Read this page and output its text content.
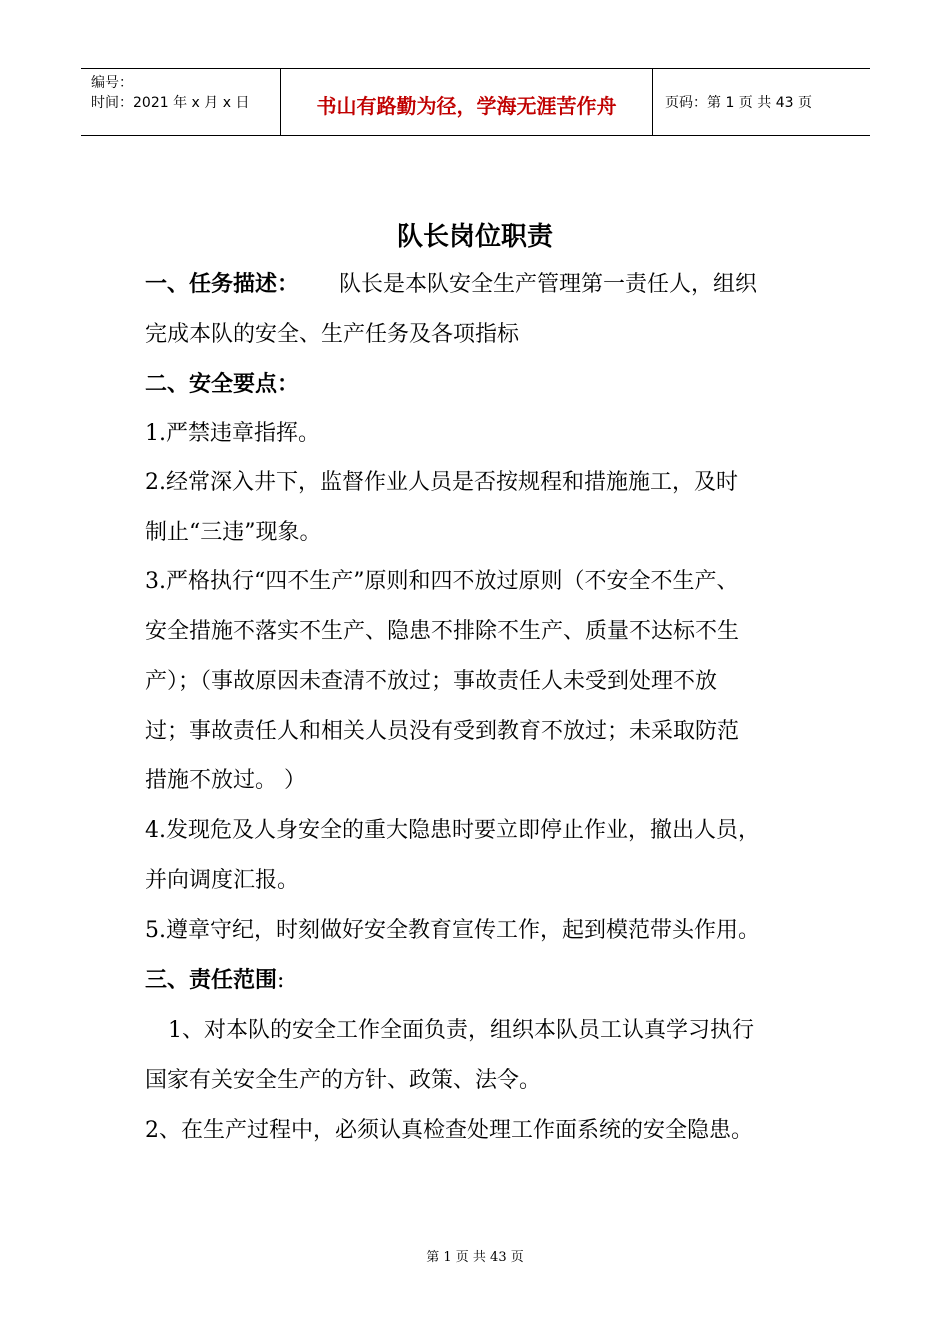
编号：
时间：2021 年 x 月 x 日	书山有路勤为径，学海无涯苦作舟	页码：第 1 页 共 43 页
队长岗位职责
一、任务描述： 队长是本队安全生产管理第一责任人，组织
完成本队的安全、生产任务及各项指标
二、安全要点：
1.严禁违章指挥。
2.经常深入井下，监督作业人员是否按规程和措施施工，及时
制止“三违”现象。
3.严格执行“四不生产”原则和四不放过原则（不安全不生产、
安全措施不落实不生产、隐患不排除不生产、质量不达标不生
产）；（事故原因未查清不放过；事故责任人未受到处理不放
过；事故责任人和相关人员没有受到教育不放过；未采取防范
措施不放过。 ）
4.发现危及人身安全的重大隐患时要立即停止作业，撤出人员，
并向调度汇报。
5.遵章守纪，时刻做好安全教育宣传工作，起到模范带头作用。
三、责任范围:
1、对本队的安全工作全面负责，组织本队员工认真学习执行
国家有关安全生产的方针、政策、法令。
2、在生产过程中，必须认真检查处理工作面系统的安全隐患。
第 1 页 共 43 页
